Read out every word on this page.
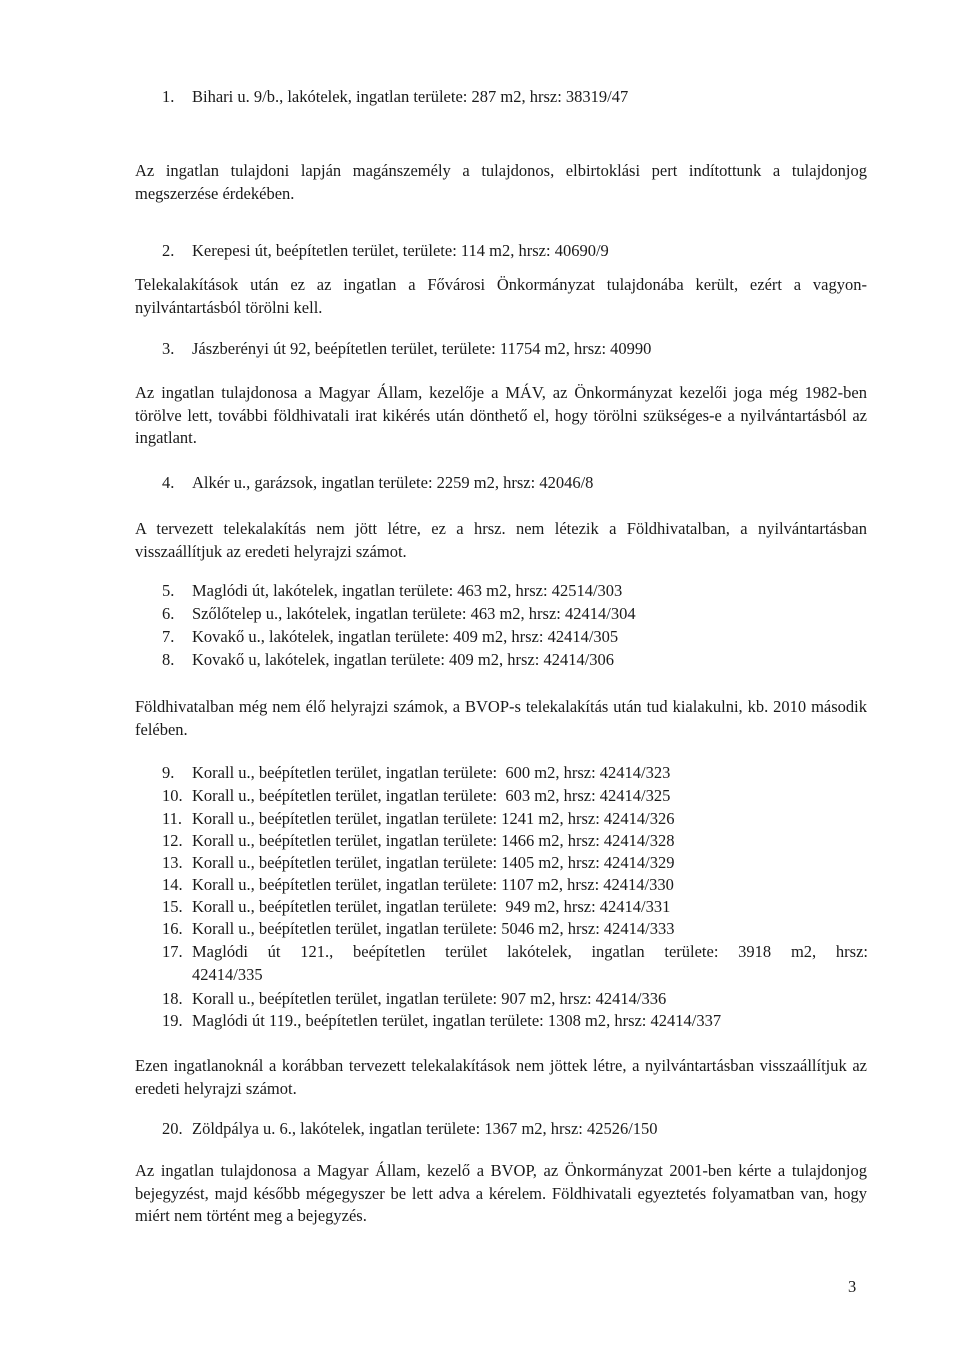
1. Bihari u. 9/b., lakótelek, ingatlan területe: 287 m2, hrsz: 38319/47
Az ingatlan tulajdoni lapján magánszemély a tulajdonos, elbirtoklási pert indítottunk a tulajdonjog megszerzése érdekében.
2. Kerepesi út, beépítetlen terület, területe: 114 m2, hrsz: 40690/9
Telekalakítások után ez az ingatlan a Fővárosi Önkormányzat tulajdonába került, ezért a vagyon-nyilvántartásból törölni kell.
3. Jászberényi út 92, beépítetlen terület, területe: 11754 m2, hrsz: 40990
Az ingatlan tulajdonosa a Magyar Állam, kezelője a MÁV, az Önkormányzat kezelői joga még 1982-ben törölve lett, további földhivatali irat kikérés után dönthető el, hogy törölni szükséges-e a nyilvántartásból az ingatlant.
4. Alkér u., garázsok, ingatlan területe: 2259 m2, hrsz: 42046/8
A tervezett telekalakítás nem jött létre, ez a hrsz. nem létezik a Földhivatalban, a nyilvántartásban visszaállítjuk az eredeti helyrajzi számot.
5. Maglódi út, lakótelek, ingatlan területe: 463 m2, hrsz: 42514/303
6. Szőlőtelep u., lakótelek, ingatlan területe: 463 m2, hrsz: 42414/304
7. Kovakő u., lakótelek, ingatlan területe: 409 m2, hrsz: 42414/305
8. Kovakő u, lakótelek, ingatlan területe: 409 m2, hrsz: 42414/306
Földhivatalban még nem élő helyrajzi számok, a BVOP-s telekalakítás után tud kialakulni, kb. 2010 második felében.
9. Korall u., beépítetlen terület, ingatlan területe:  600 m2, hrsz: 42414/323
10. Korall u., beépítetlen terület, ingatlan területe:  603 m2, hrsz: 42414/325
11. Korall u., beépítetlen terület, ingatlan területe: 1241 m2, hrsz: 42414/326
12. Korall u., beépítetlen terület, ingatlan területe: 1466 m2, hrsz: 42414/328
13. Korall u., beépítetlen terület, ingatlan területe: 1405 m2, hrsz: 42414/329
14. Korall u., beépítetlen terület, ingatlan területe: 1107 m2, hrsz: 42414/330
15. Korall u., beépítetlen terület, ingatlan területe:  949 m2, hrsz: 42414/331
16. Korall u., beépítetlen terület, ingatlan területe: 5046 m2, hrsz: 42414/333
17. Maglódi út 121., beépítetlen terület lakótelek, ingatlan területe: 3918 m2, hrsz:
42414/335
18. Korall u., beépítetlen terület, ingatlan területe: 907 m2, hrsz: 42414/336
19. Maglódi út 119., beépítetlen terület, ingatlan területe: 1308 m2, hrsz: 42414/337
Ezen ingatlanoknál a korábban tervezett telekalakítások nem jöttek létre, a nyilvántartásban visszaállítjuk az eredeti helyrajzi számot.
20. Zöldpálya u. 6., lakótelek, ingatlan területe: 1367 m2, hrsz: 42526/150
Az ingatlan tulajdonosa a Magyar Állam, kezelő a BVOP, az Önkormányzat 2001-ben kérte a tulajdonjog bejegyzést, majd később mégegyszer be lett adva a kérelem. Földhivatali egyeztetés folyamatban van, hogy miért nem történt meg a bejegyzés.
3
